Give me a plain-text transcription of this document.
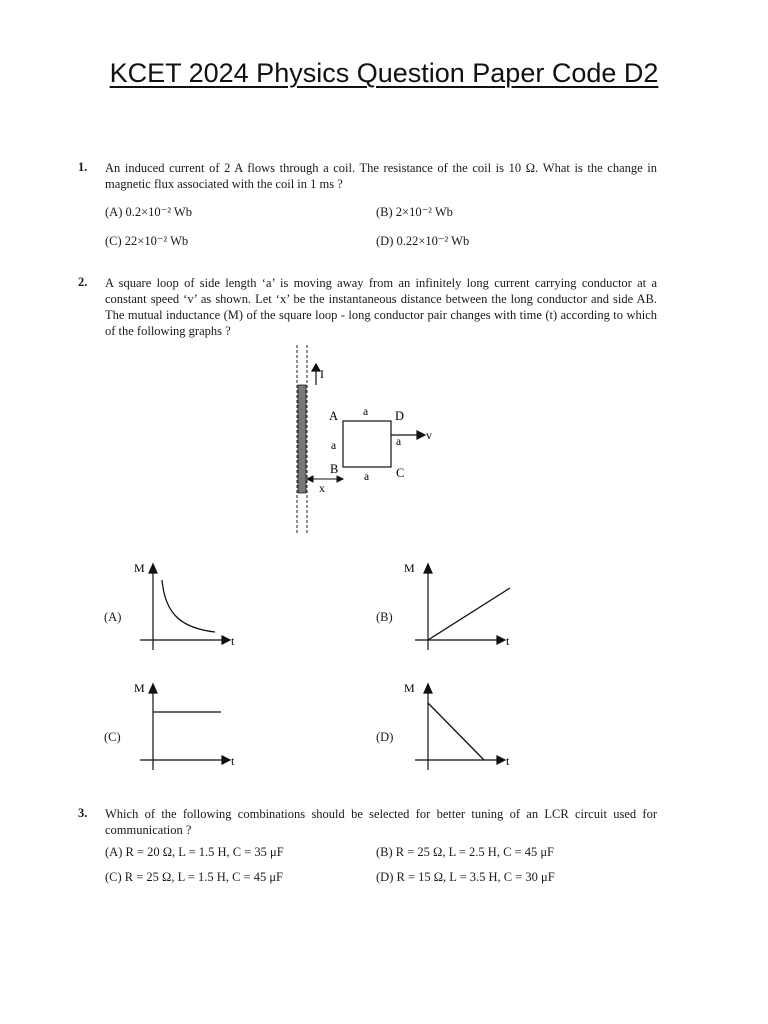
KCET 2024 Physics Question Paper Code D2
1. An induced current of 2 A flows through a coil. The resistance of the coil is 10 Ω. What is the change in magnetic flux associated with the coil in 1 ms ?
(A) 0.2×10⁻² Wb	(B) 2×10⁻² Wb
(C) 22×10⁻² Wb	(D) 0.22×10⁻² Wb
2. A square loop of side length ‘a’ is moving away from an infinitely long current carrying conductor at a constant speed ‘v’ as shown. Let ‘x’ be the instantaneous distance between the long conductor and side AB. The mutual inductance (M) of the square loop - long conductor pair changes with time (t) according to which of the following graphs ?
I
A
B	C
D
a
a	a
a
v
x
M
t
(A)
M
t
(B)
M
t
(C)
M
t
(D)
3. Which of the following combinations should be selected for better tuning of an LCR circuit used for communication ?
(A) R = 20 Ω, L = 1.5 H, C = 35 μF	(B) R = 25 Ω, L = 2.5 H, C = 45 μF
(C) R = 25 Ω, L = 1.5 H, C = 45 μF	(D) R = 15 Ω, L = 3.5 H, C = 30 μF
